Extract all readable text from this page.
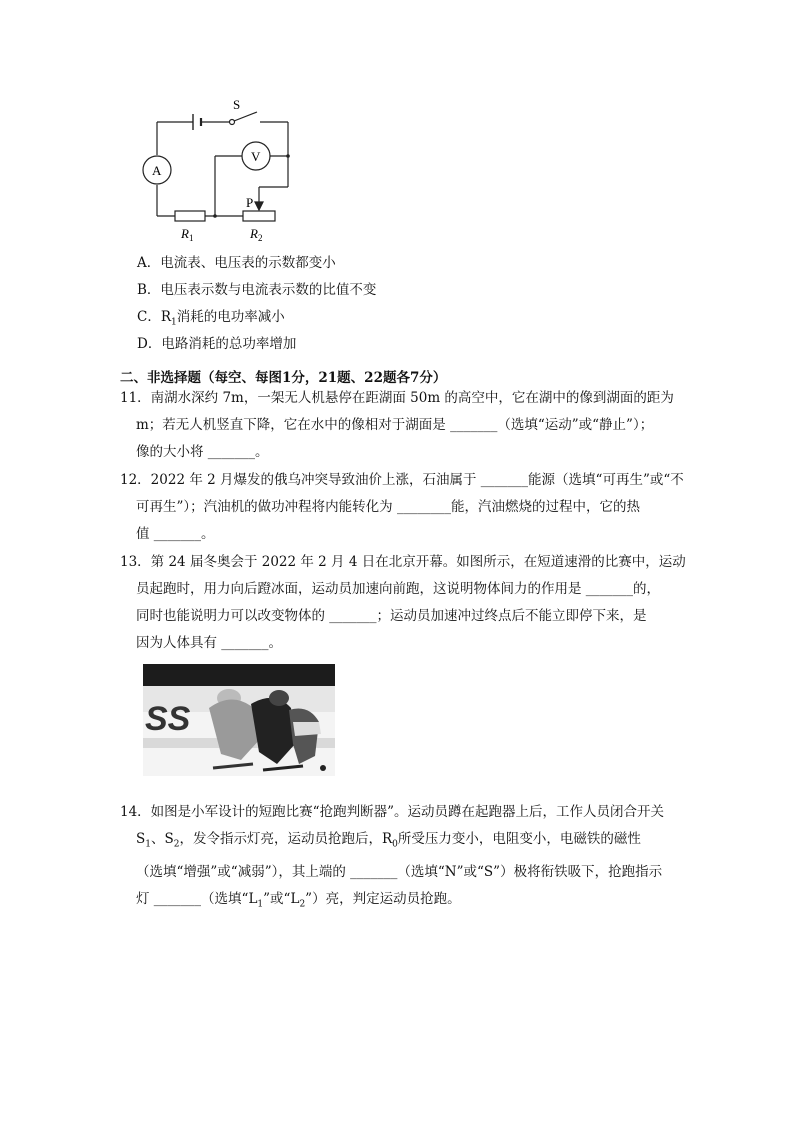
S
A
V
P
$R_1$	$R_2$
A．电流表、电压表的示数都变小
B．电压表示数与电流表示数的比值不变
C．$R_1$消耗的电功率减小
D．电路消耗的总功率增加
二、非选择题（每空、每图1分，21题、22题各7分）

11．南湖水深约 7m，一架无人机悬停在距湖面 50m 的高空中，它在湖中的像到湖面的距为

m；若无人机竖直下降，它在水中的像相对于湖面是 _______（选填“运动”或“静止”）；

像的大小将 _______。

12．2022 年 2 月爆发的俄乌冲突导致油价上涨，石油属于 _______能源（选填“可再生”或“不

可再生”）；汽油机的做功冲程将内能转化为 ________能，汽油燃烧的过程中，它的热

值 _______。

13．第 24 届冬奥会于 2022 年 2 月 4 日在北京开幕。如图所示，在短道速滑的比赛中，运动

员起跑时，用力向后蹬冰面，运动员加速向前跑，这说明物体间力的作用是 _______的，

同时也能说明力可以改变物体的 _______；运动员加速冲过终点后不能立即停下来，是

因为人体具有 _______。

SS

14．如图是小军设计的短跑比赛“抢跑判断器”。运动员蹲在起跑器上后，工作人员闭合开关

$S_1$、$S_2$，发令指示灯亮，运动员抢跑后，$R_0$所受压力变小，电阻变小，电磁铁的磁性

（选填“增强”或“减弱”），其上端的 _______（选填“N”或“S”）极将衔铁吸下，抢跑指示

灯 _______（选填“$L_1$”或“$L_2$”）亮，判定运动员抢跑。
